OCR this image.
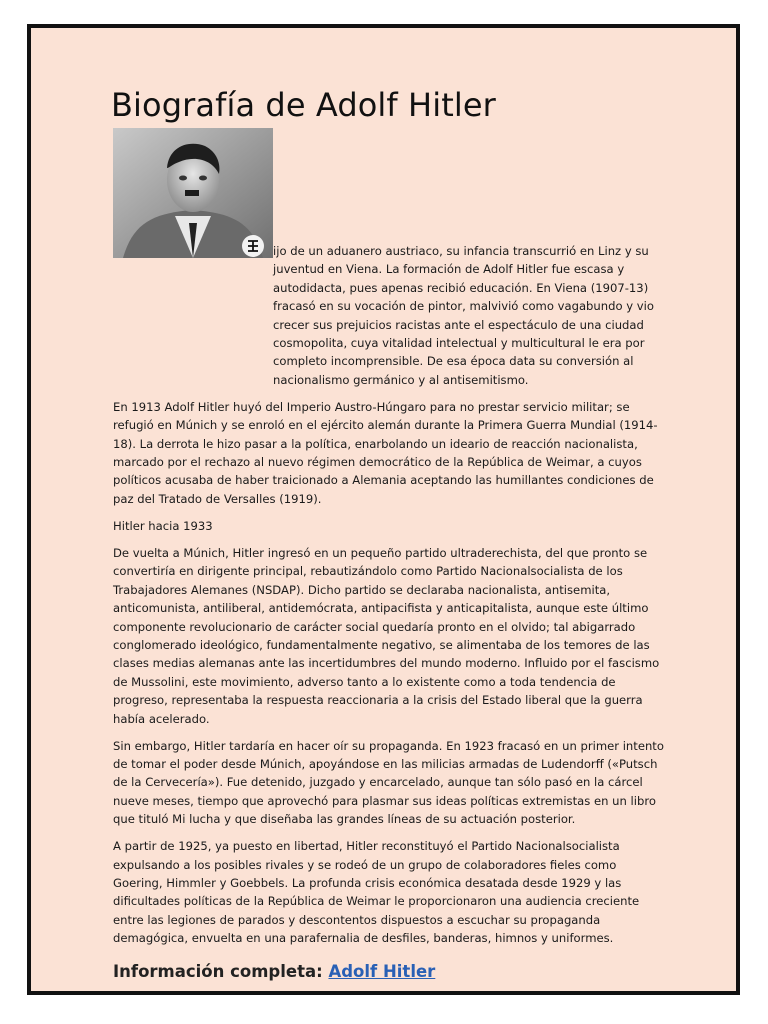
Biografía de Adolf Hitler

ijo de un aduanero austriaco, su infancia transcurrió en Linz y su juventud en Viena. La formación de Adolf Hitler fue escasa y autodidacta, pues apenas recibió educación. En Viena (1907-13) fracasó en su vocación de pintor, malvivió como vagabundo y vio crecer sus prejuicios racistas ante el espectáculo de una ciudad cosmopolita, cuya vitalidad intelectual y multicultural le era por completo incomprensible. De esa época data su conversión al nacionalismo germánico y al antisemitismo.

En 1913 Adolf Hitler huyó del Imperio Austro-Húngaro para no prestar servicio militar; se refugió en Múnich y se enroló en el ejército alemán durante la Primera Guerra Mundial (1914-18). La derrota le hizo pasar a la política, enarbolando un ideario de reacción nacionalista, marcado por el rechazo al nuevo régimen democrático de la República de Weimar, a cuyos políticos acusaba de haber traicionado a Alemania aceptando las humillantes condiciones de paz del Tratado de Versalles (1919).

Hitler hacia 1933

De vuelta a Múnich, Hitler ingresó en un pequeño partido ultraderechista, del que pronto se convertiría en dirigente principal, rebautizándolo como Partido Nacionalsocialista de los Trabajadores Alemanes (NSDAP). Dicho partido se declaraba nacionalista, antisemita, anticomunista, antiliberal, antidemócrata, antipacifista y anticapitalista, aunque este último componente revolucionario de carácter social quedaría pronto en el olvido; tal abigarrado conglomerado ideológico, fundamentalmente negativo, se alimentaba de los temores de las clases medias alemanas ante las incertidumbres del mundo moderno. Influido por el fascismo de Mussolini, este movimiento, adverso tanto a lo existente como a toda tendencia de progreso, representaba la respuesta reaccionaria a la crisis del Estado liberal que la guerra había acelerado.

Sin embargo, Hitler tardaría en hacer oír su propaganda. En 1923 fracasó en un primer intento de tomar el poder desde Múnich, apoyándose en las milicias armadas de Ludendorff («Putsch de la Cervecería»). Fue detenido, juzgado y encarcelado, aunque tan sólo pasó en la cárcel nueve meses, tiempo que aprovechó para plasmar sus ideas políticas extremistas en un libro que tituló Mi lucha y que diseñaba las grandes líneas de su actuación posterior.

A partir de 1925, ya puesto en libertad, Hitler reconstituyó el Partido Nacionalsocialista expulsando a los posibles rivales y se rodeó de un grupo de colaboradores fieles como Goering, Himmler y Goebbels. La profunda crisis económica desatada desde 1929 y las dificultades políticas de la República de Weimar le proporcionaron una audiencia creciente entre las legiones de parados y descontentos dispuestos a escuchar su propaganda demagógica, envuelta en una parafernalia de desfiles, banderas, himnos y uniformes.

Información completa: Adolf Hitler
